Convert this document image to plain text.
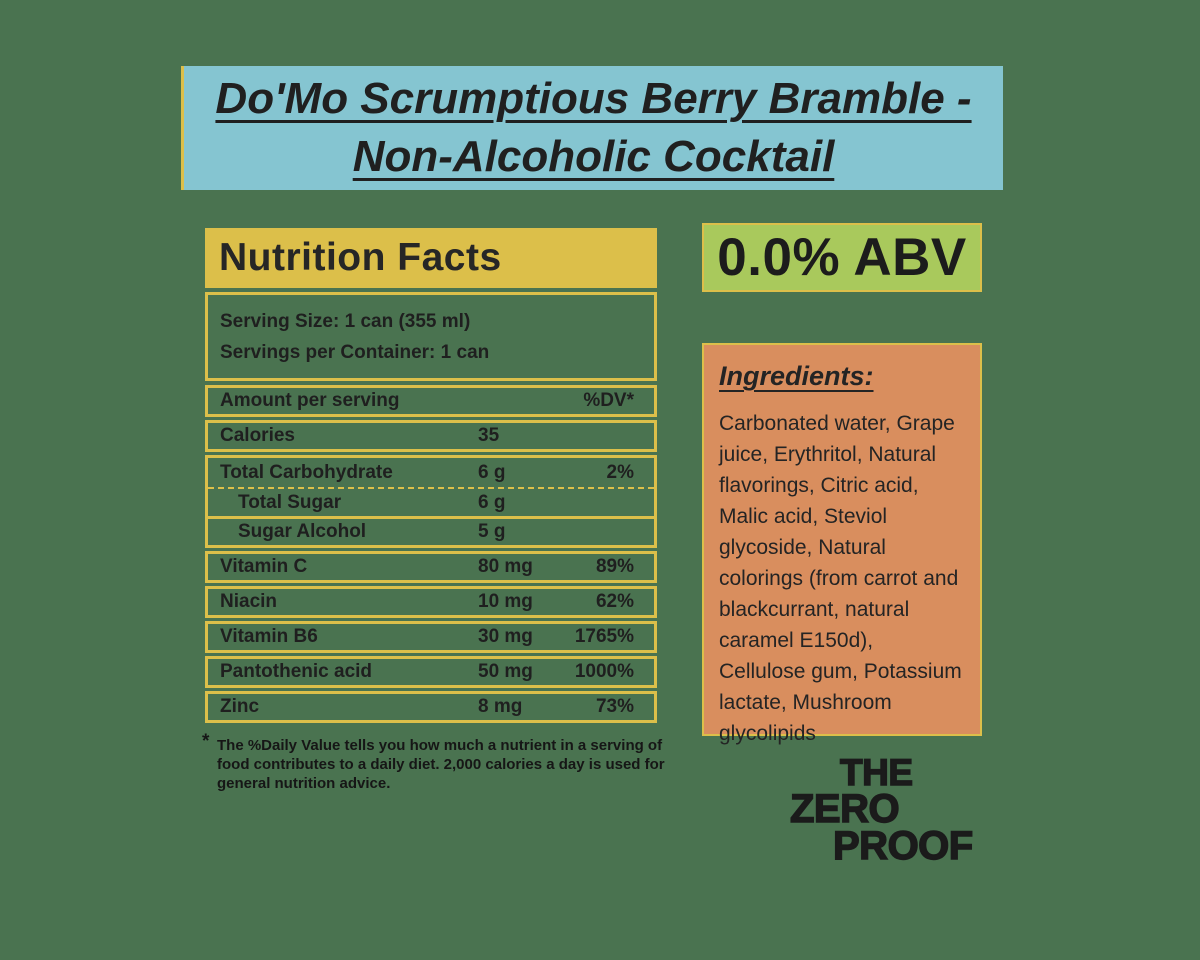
Do'Mo Scrumptious Berry Bramble -
Non-Alcoholic Cocktail
Nutrition Facts

Serving Size: 1 can (355 ml)

Servings per Container: 1 can

Amount per serving	%DV*
Calories	35
Total Carbohydrate	6 g	2%
Total Sugar	6 g
Sugar Alcohol	5 g
Vitamin C	80 mg	89%
Niacin	10 mg	62%
Vitamin B6	30 mg 1765%
Pantothenic acid	50 mg 1000%
Zinc	8 mg	73%
* The %Daily Value tells you how much a nutrient in a serving of food contributes to a daily diet. 2,000 calories a day is used for general nutrition advice.
0.0% ABV
Ingredients:

Carbonated water, Grape juice, Erythritol, Natural flavorings, Citric acid, Malic acid, Steviol glycoside, Natural colorings (from carrot and blackcurrant, natural caramel E150d), Cellulose gum, Potassium lactate, Mushroom glycolipids

THE
ZERO
PROOF
